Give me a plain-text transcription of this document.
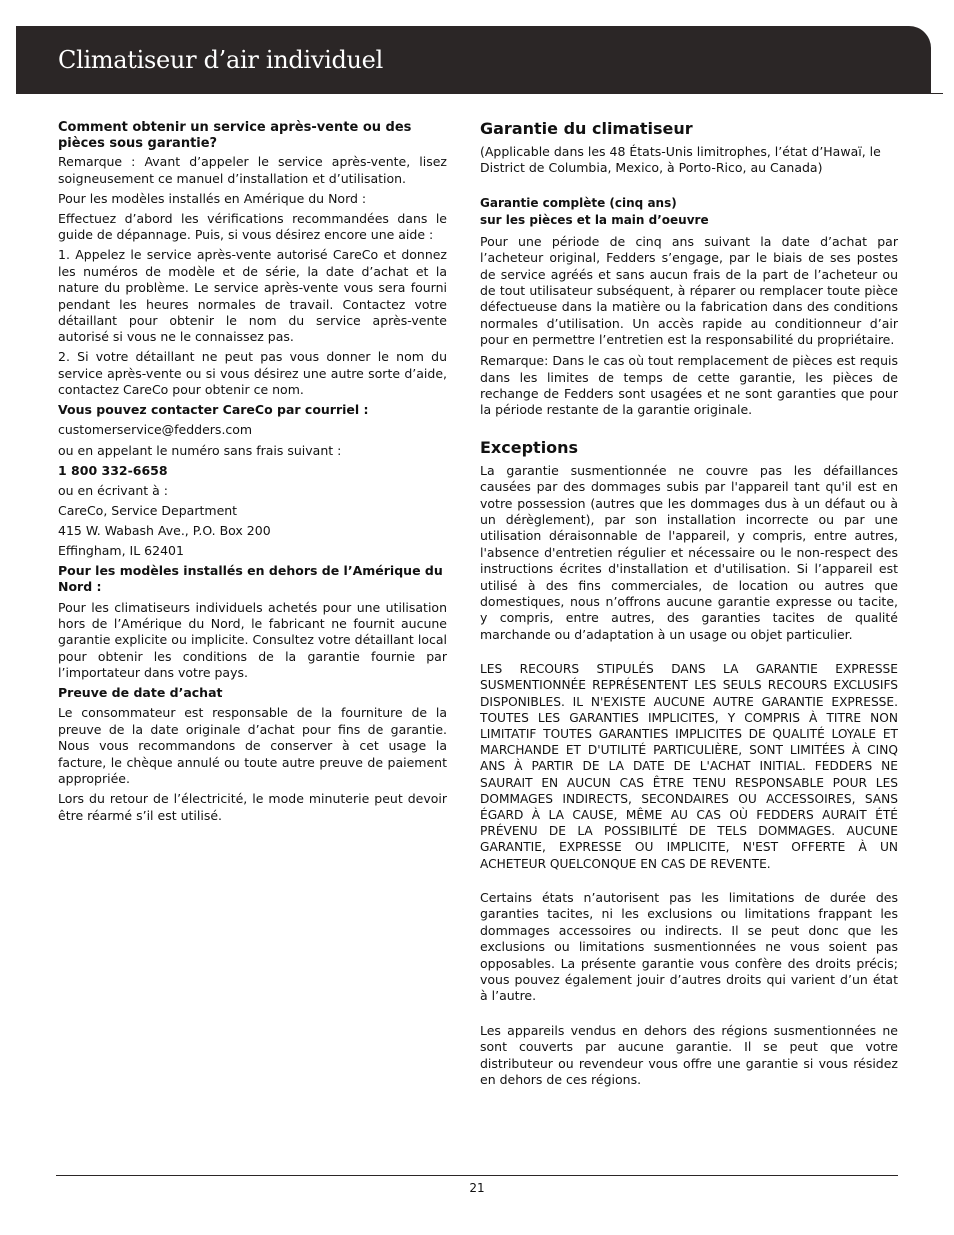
Climatiseur d’air individuel

Comment obtenir un service après-vente ou des pièces sous garantie?

Remarque : Avant d’appeler le service après-vente, lisez soigneusement ce manuel d’installation et d’utilisation.

Pour les modèles installés en Amérique du Nord :

Effectuez d’abord les vérifications recommandées dans le guide de dépannage. Puis, si vous désirez encore une aide :

1. Appelez le service après-vente autorisé CareCo et donnez les numéros de modèle et de série, la date d’achat et la nature du problème. Le service après-vente vous sera fourni pendant les heures normales de travail. Contactez votre détaillant pour obtenir le nom du service après-vente autorisé si vous ne le connaissez pas.

2. Si votre détaillant ne peut pas vous donner le nom du service après-vente ou si vous désirez une autre sorte d’aide, contactez CareCo pour obtenir ce nom.

Vous pouvez contacter CareCo par courriel :

customerservice@fedders.com

ou en appelant le numéro sans frais suivant :

1 800 332-6658

ou en écrivant à :

CareCo, Service Department

415 W. Wabash Ave., P.O. Box 200

Effingham, IL 62401

Pour les modèles installés en dehors de l’Amérique du Nord :

Pour les climatiseurs individuels achetés pour une utilisation hors de l’Amérique du Nord, le fabricant ne fournit aucune garantie explicite ou implicite. Consultez votre détaillant local pour obtenir les conditions de la garantie fournie par l’importateur dans votre pays.

Preuve de date d’achat

Le consommateur est responsable de la fourniture de la preuve de la date originale d’achat pour fins de garantie. Nous vous recommandons de conserver à cet usage la facture, le chèque annulé ou toute autre preuve de paiement appropriée.

Lors du retour de l’électricité, le mode minuterie peut devoir être réarmé s’il est utilisé.

Garantie du climatiseur

(Applicable dans les 48 États-Unis limitrophes, l’état d’Hawaï, le District de Columbia, Mexico, à Porto-Rico, au Canada)

Garantie complète (cinq ans)
sur les pièces et la main d’oeuvre

Pour une période de cinq ans suivant la date d’achat par l’acheteur original, Fedders s’engage, par le biais de ses postes de service agréés et sans aucun frais de la part de l’acheteur ou de tout utilisateur subséquent, à réparer ou remplacer toute pièce défectueuse dans la matière ou la fabrication dans des conditions normales d’utilisation. Un accès rapide au conditionneur d’air pour en permettre l’entretien est la responsabilité du propriétaire.

Remarque: Dans le cas où tout remplacement de pièces est requis dans les limites de temps de cette garantie, les pièces de rechange de Fedders sont usagées et ne sont garanties que pour la période restante de la garantie originale.

Exceptions

La garantie susmentionnée ne couvre pas les défaillances causées par des dommages subis par l'appareil tant qu'il est en votre possession (autres que les dommages dus à un défaut ou à un dérèglement), par son installation incorrecte ou par une utilisation déraisonnable de l'appareil, y compris, entre autres, l'absence d'entretien régulier et nécessaire ou le non-respect des instructions écrites d'installation et d'utilisation. Si l’appareil est utilisé à des fins commerciales, de location ou autres que domestiques, nous n’offrons aucune garantie expresse ou tacite, y compris, entre autres, des garanties tacites de qualité marchande ou d’adaptation à un usage ou objet particulier.

LES RECOURS STIPULÉS DANS LA GARANTIE EXPRESSE SUSMENTIONNÉE REPRÉSENTENT LES SEULS RECOURS EXCLUSIFS DISPONIBLES. IL N'EXISTE AUCUNE AUTRE GARANTIE EXPRESSE. TOUTES LES GARANTIES IMPLICITES, Y COMPRIS À TITRE NON LIMITATIF TOUTES GARANTIES IMPLICITES DE QUALITÉ LOYALE ET MARCHANDE ET D'UTILITÉ PARTICULIÈRE, SONT LIMITÉES À CINQ ANS À PARTIR DE LA DATE DE L'ACHAT INITIAL. FEDDERS NE SAURAIT EN AUCUN CAS ÊTRE TENU RESPONSABLE POUR LES DOMMAGES INDIRECTS, SECONDAIRES OU ACCESSOIRES, SANS ÉGARD À LA CAUSE, MÊME AU CAS OÙ FEDDERS AURAIT ÉTÉ PRÉVENU DE LA POSSIBILITÉ DE TELS DOMMAGES. AUCUNE GARANTIE, EXPRESSE OU IMPLICITE, N'EST OFFERTE À UN ACHETEUR QUELCONQUE EN CAS DE REVENTE.

Certains états n’autorisent pas les limitations de durée des garanties tacites, ni les exclusions ou limitations frappant les dommages accessoires ou indirects. Il se peut donc que les exclusions ou limitations susmentionnées ne vous soient pas opposables. La présente garantie vous confère des droits précis; vous pouvez également jouir d’autres droits qui varient d’un état à l’autre.

Les appareils vendus en dehors des régions susmentionnées ne sont couverts par aucune garantie. Il se peut que votre distributeur ou revendeur vous offre une garantie si vous résidez en dehors de ces régions.

21
